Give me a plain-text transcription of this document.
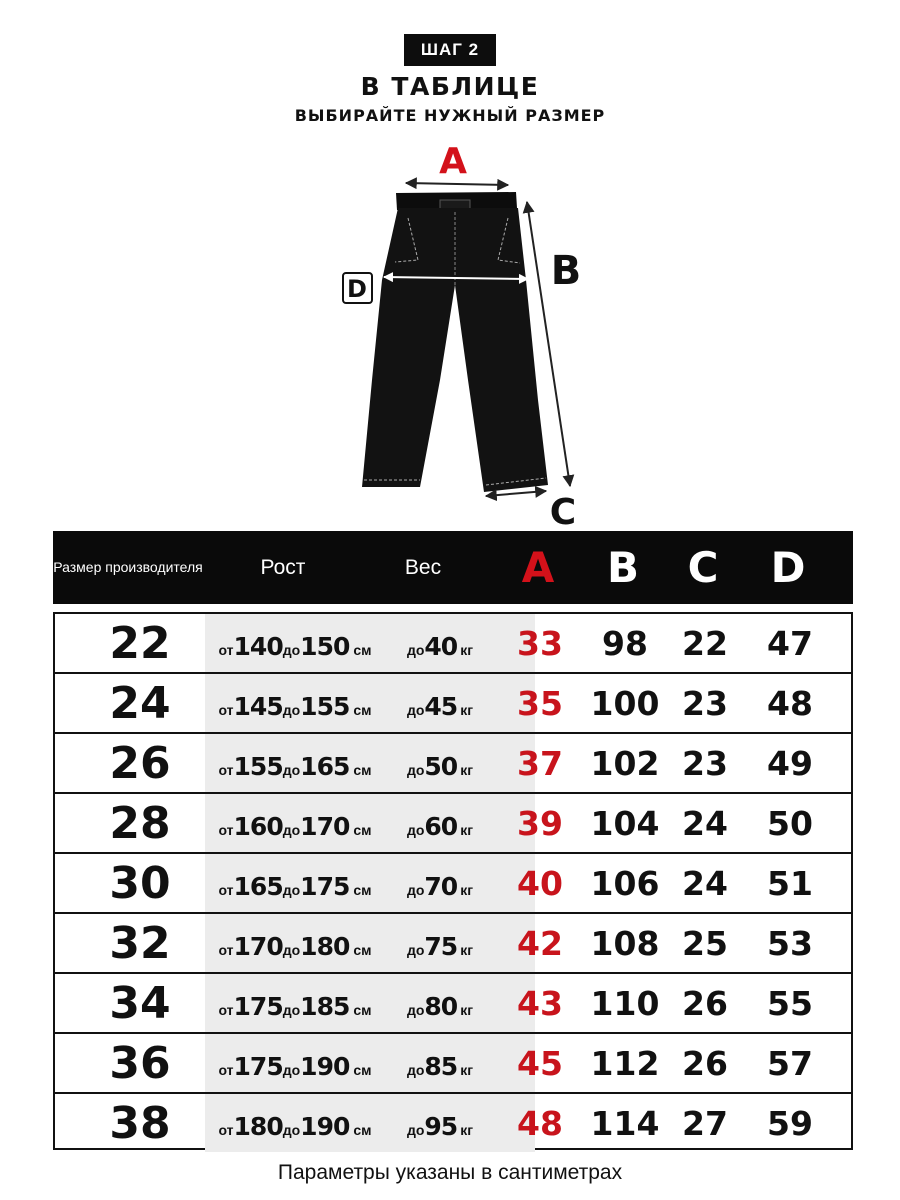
ШАГ 2
В ТАБЛИЦЕ
ВЫБИРАЙТЕ НУЖНЫЙ РАЗМЕР
A
B
C
D
Размер производителя	Рост	Вес	A	B	C	D
22	от 140 до 150 см	до 40 кг	33	98	22	47
24	от 145 до 155 см	до 45 кг	35 100 23	48
26	от 155 до 165 см	до 50 кг	37 102 23	49
28	от 160 до 170 см	до 60 кг	39 104 24	50
30	от 165 до 175 см	до 70 кг	40 106 24	51
32	от 170 до 180 см	до 75 кг	42 108 25	53
34	от 175 до 185 см	до 80 кг	43 110 26	55
36	от 175 до 190 см	до 85 кг	45 112 26	57
38	от 180 до 190 см	до 95 кг	48 114 27	59
Параметры указаны в сантиметрах
